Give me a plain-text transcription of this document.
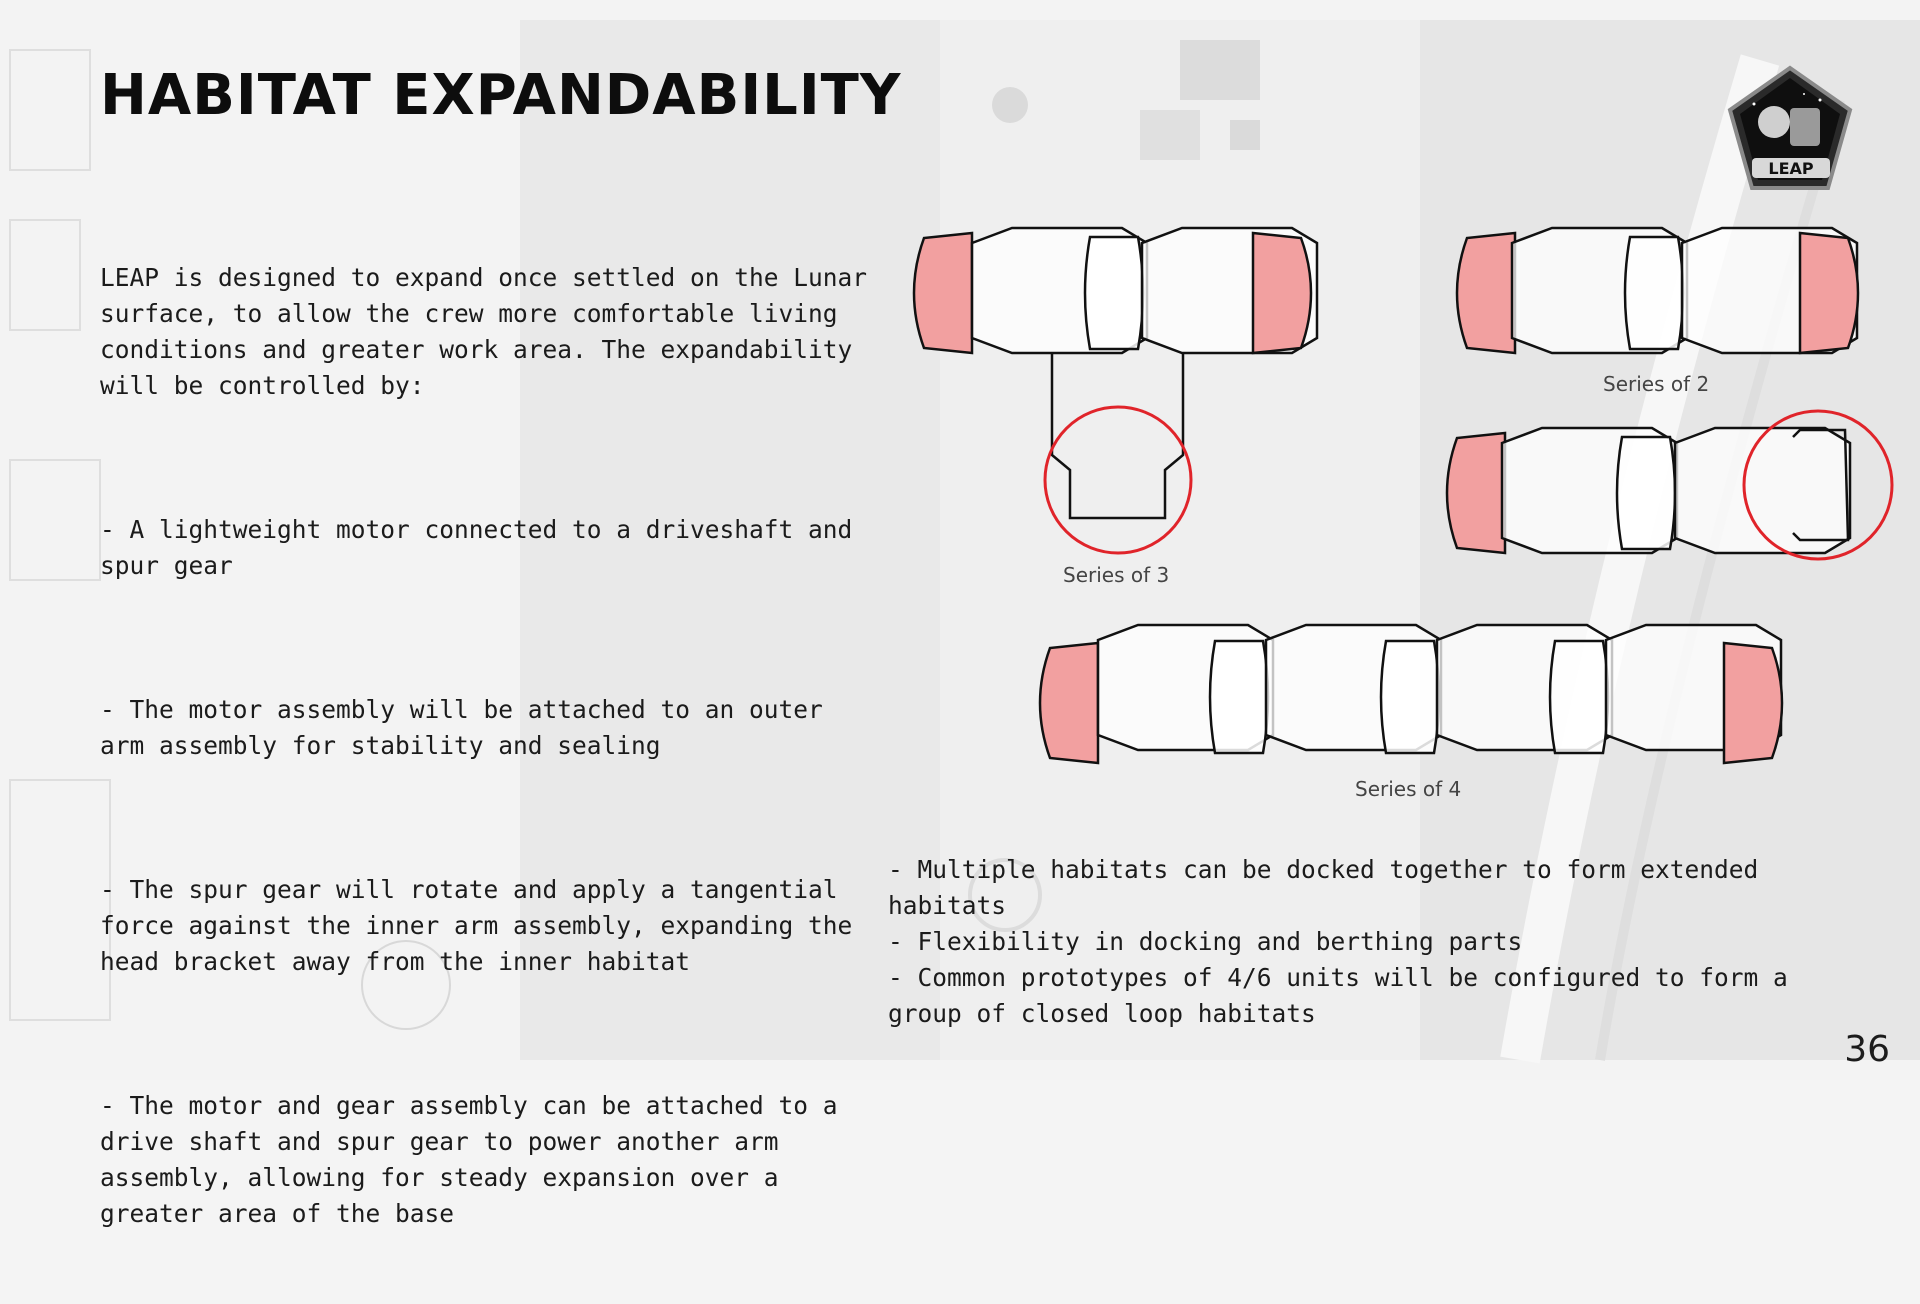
HABITAT EXPANDABILITY

LEAP is designed to expand once settled on the Lunar surface, to allow the crew more comfortable living conditions and greater work area. The expandability will be controlled by:

- A lightweight motor connected to a driveshaft and spur gear

- The motor assembly will be attached to an outer arm assembly for stability and sealing

- The spur gear will rotate and apply a tangential force against the inner arm assembly, expanding the head bracket away from the inner habitat

- The motor and gear assembly can be attached to a drive shaft and spur gear to power another arm assembly, allowing for steady expansion over a greater area of the base

Series of 3
Series of 2
Series of 4

- Multiple habitats can be docked together to form extended habitats

- Flexibility in docking and berthing parts

- Common prototypes of 4/6 units will be configured to form a group of closed loop habitats

LEAP
36
